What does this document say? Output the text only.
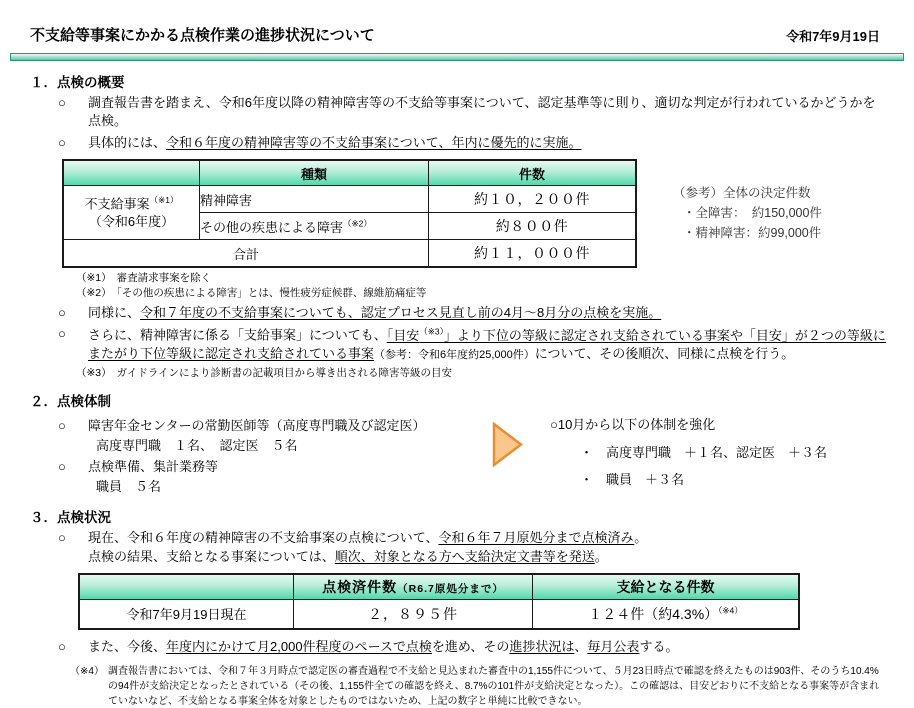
不支給等事案にかかる点検作業の進捗状況について	令和7年9月19日
１．点検の概要
○	調査報告書を踏まえ、令和6年度以降の精神障害等の不支給等事案について、認定基準等に則り、適切な判定が行われているかどうかを点検。
○	具体的には、令和６年度の精神障害等の不支給事案について、年内に優先的に実施。
	種類	件数

不支給事案$^{(※1)}$
（令和6年度）	精神障害	約１０，２００件
	その他の疾患による障害$^{(※2)}$	約８００件
合計		約１１，０００件
（参考）全体の決定件数
・全障害：　約150,000件
・精神障害：約99,000件
（※1） 審査請求事案を除く
（※2） 「その他の疾患による障害」とは、慢性疲労症候群、線維筋痛症等
○	同様に、令和７年度の不支給事案についても、認定プロセス見直し前の4月～8月分の点検を実施。
○	さらに、精神障害に係る「支給事案」についても、「目安$^{(※3)}$」より下位の等級に認定され支給されている事案や「目安」が２つの等級にまたがり下位等級に認定され支給されている事案（参考：令和6年度約25,000件）について、その後順次、同様に点検を行う。
（※3） ガイドラインにより診断書の記載項目から導き出される障害等級の目安
２．点検体制
○	障害年金センターの常勤医師等（高度専門職及び認定医）
高度専門職　１名、　認定医　５名
○	点検準備、集計業務等
職員　５名
○10月から以下の体制を強化
・ 高度専門職　＋１名、認定医　＋３名
・ 職員　＋３名
３．点検状況
○	現在、令和６年度の精神障害の不支給事案の点検について、令和６年７月原処分まで点検済み。
点検の結果、支給となる事案については、順次、対象となる方へ支給決定文書等を発送。
	点検済件数（R6.7原処分まで）	支給となる件数
令和7年9月19日現在	２，８９５件	１２４件（約4.3%）$^{(※4)}$
○	また、今後、年度内にかけて月2,000件程度のペースで点検を進め、その進捗状況は、毎月公表する。
（※4） 調査報告書においては、令和７年３月時点で認定医の審査過程で不支給と見込まれた審査中の1,155件について、５月23日時点で確認を終えたものは903件、そのうち10.4%の94件が支給決定となったとされている（その後、1,155件全ての確認を終え、8.7%の101件が支給決定となった）。この確認は、目安どおりに不支給となる事案等が含まれていないなど、不支給となる事案全体を対象としたものではないため、上記の数字と単純に比較できない。
